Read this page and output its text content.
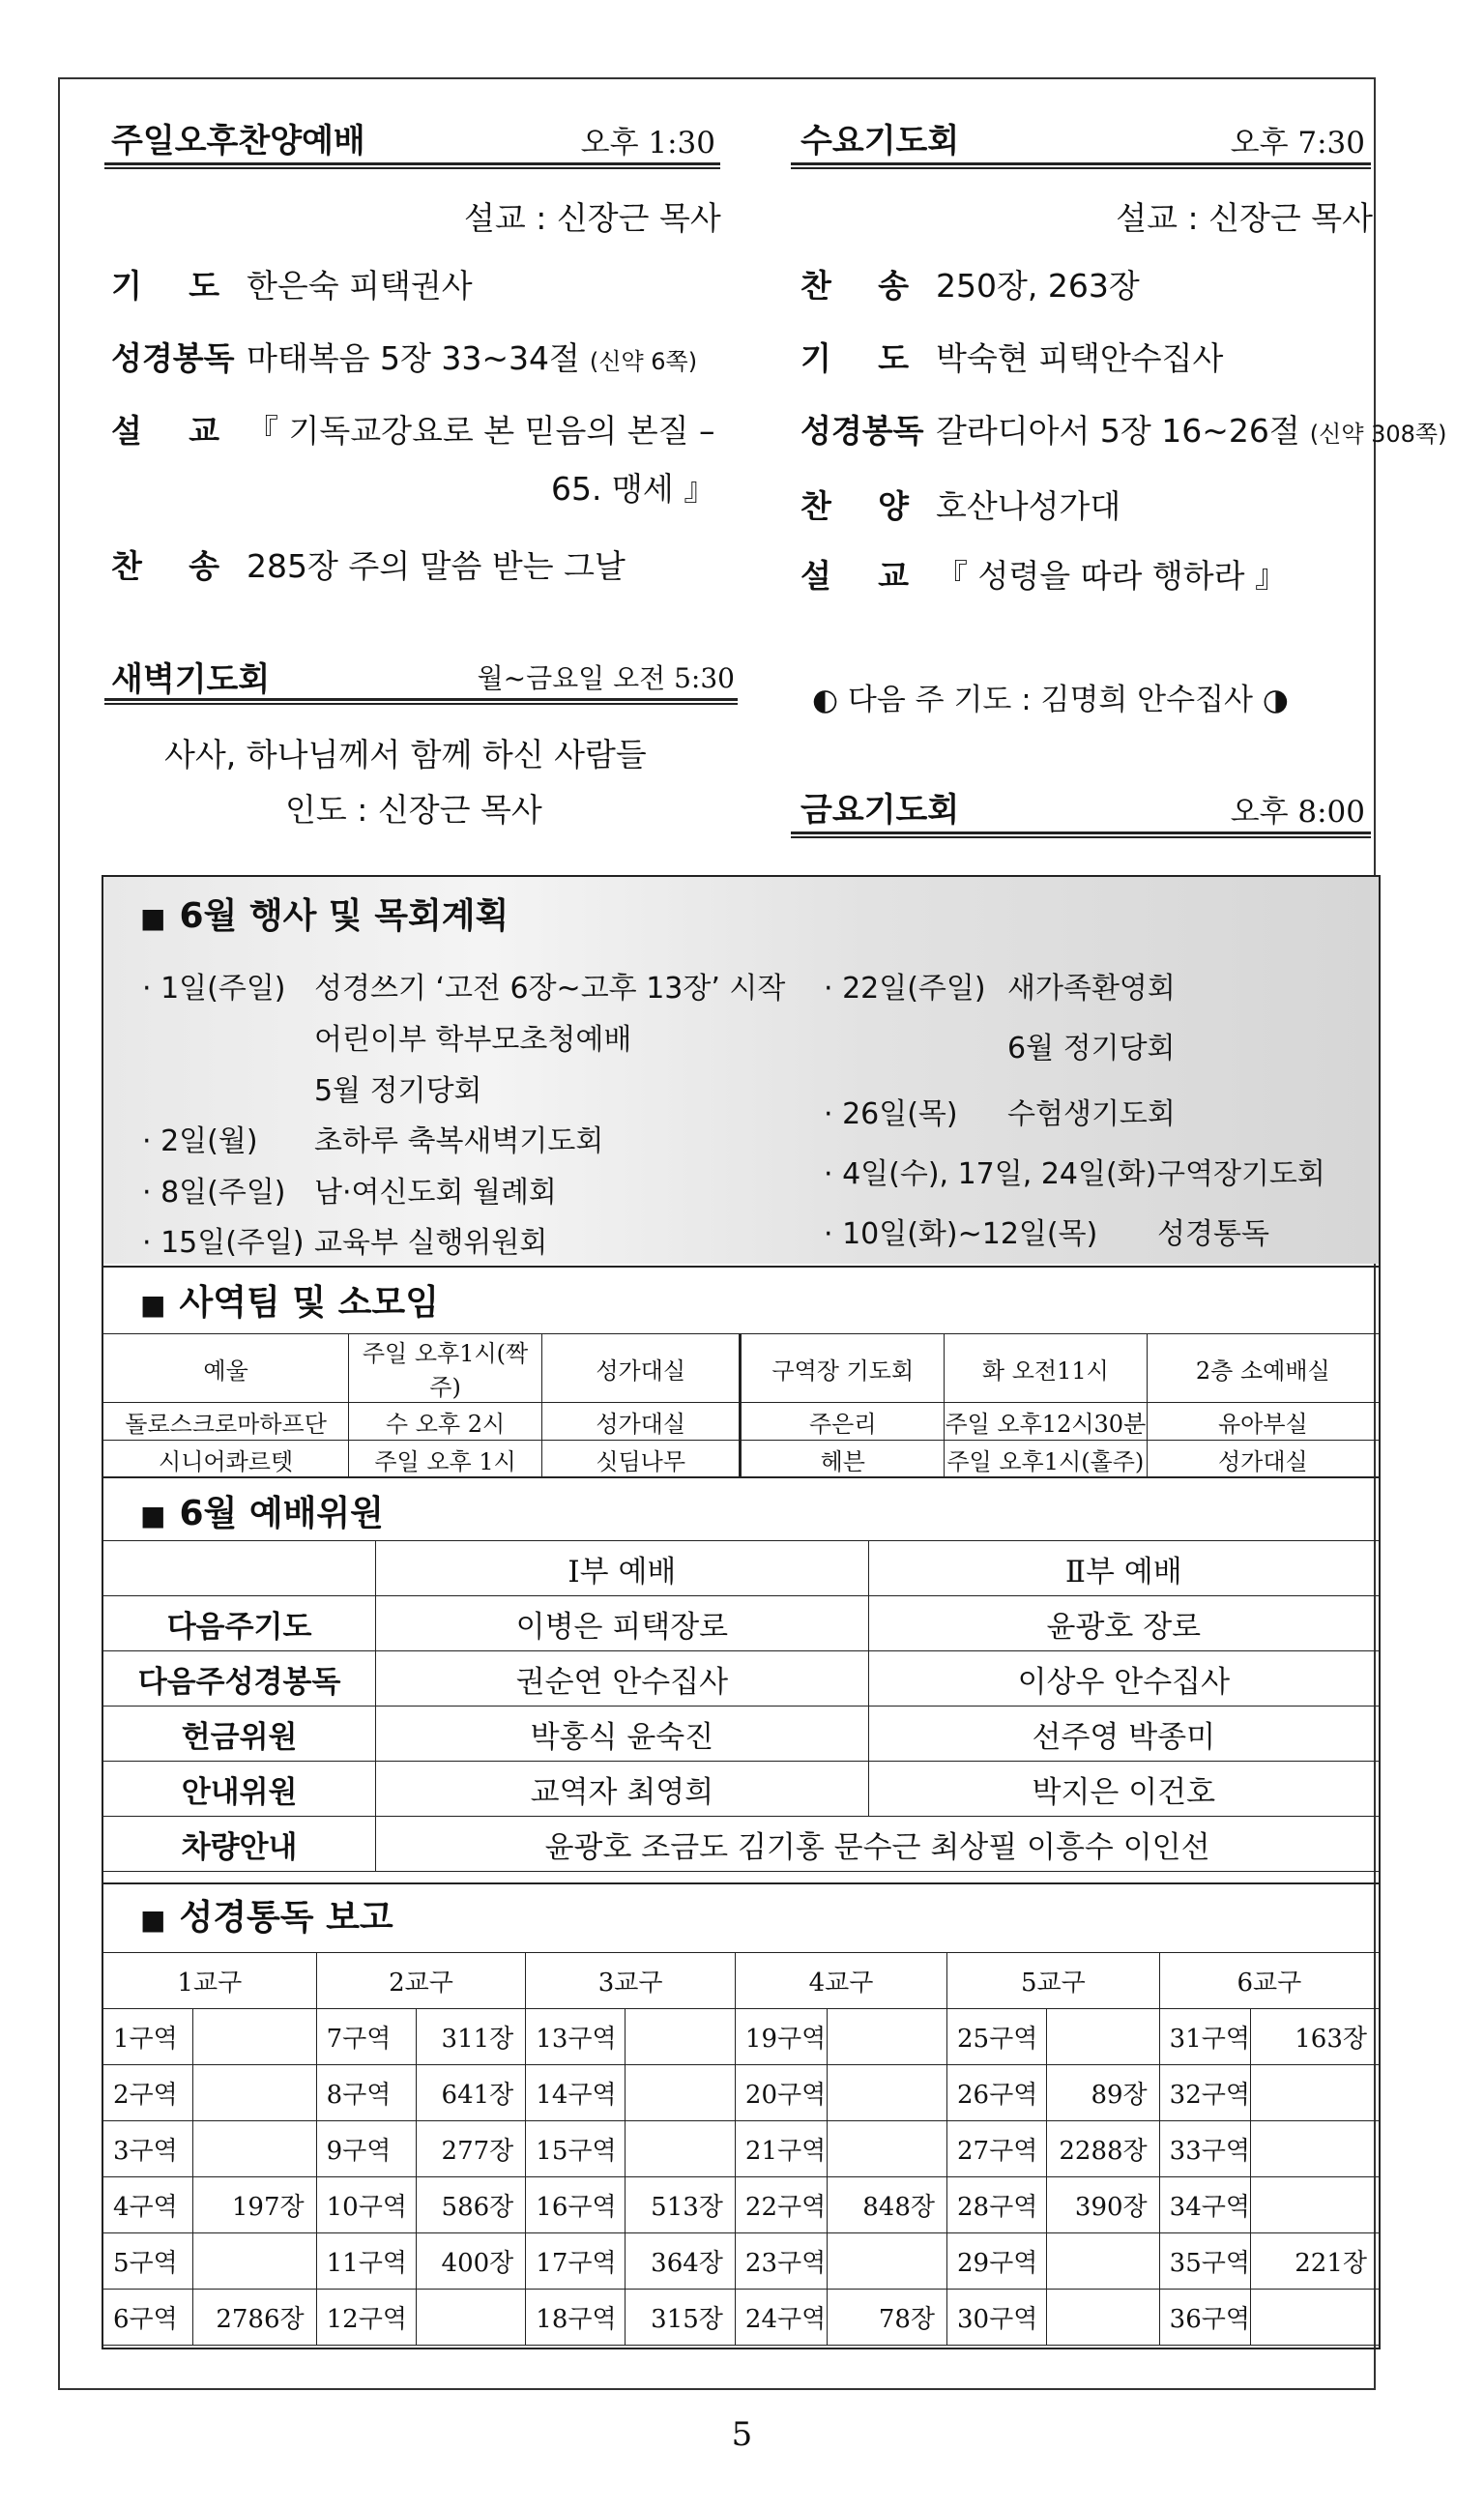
주일오후찬양예배	오후 1:30
설교 : 신장근 목사
기 도 한은숙 피택권사
성경봉독 마태복음 5장 33~34절 (신약 6쪽)
설 교 『 기독교강요로 본 믿음의 본질 –
65. 맹세 』
찬 송 285장 주의 말씀 받는 그날
수요기도회	오후 7:30
설교 : 신장근 목사
찬 송 250장, 263장
기 도 박숙현 피택안수집사
성경봉독 갈라디아서 5장 16~26절 (신약 308쪽)
찬 양 호산나성가대
설 교 『 성령을 따라 행하라 』
◐ 다음 주 기도 : 김명희 안수집사 ◑
새벽기도회	월~금요일 오전 5:30
사사, 하나님께서 함께 하신 사람들
인도 : 신장근 목사	금요기도회	오후 8:00
■ 6월 행사 및 목회계획
· 1일(주일) 성경쓰기 ‘고전 6장~고후 13장’ 시작
어린이부 학부모초청예배
5월 정기당회
· 2일(월) 초하루 축복새벽기도회
· 8일(주일) 남·여신도회 월례회
· 15일(주일) 교육부 실행위원회
· 22일(주일) 새가족환영회
6월 정기당회
· 26일(목) 수험생기도회
· 4일(수), 17일, 24일(화)구역장기도회
· 10일(화)~12일(목) 성경통독
■ 사역팀 및 소모임
예울	주일 오후1시(짝주)	성가대실	구역장 기도회	화 오전11시	2층 소예배실
돌로스크로마하프단	수 오후 2시	성가대실	주은리	주일 오후12시30분	유아부실
시니어콰르텟	주일 오후 1시	싯딤나무	헤븐	주일 오후1시(홀주)	성가대실
■ 6월 예배위원
	Ⅰ부 예배	Ⅱ부 예배
다음주기도	이병은 피택장로	윤광호 장로
다음주성경봉독	권순연 안수집사	이상우 안수집사
헌금위원	박홍식 윤숙진	선주영 박종미
안내위원	교역자 최영희	박지은 이건호
차량안내	윤광호 조금도 김기홍 문수근 최상필 이흥수 이인선	
■ 성경통독 보고
1교구		2교구		3교구		4교구		5교구		6교구	
1구역		7구역	311장	13구역		19구역		25구역		31구역	163장
2구역		8구역	641장	14구역		20구역		26구역	89장	32구역	
3구역		9구역	277장	15구역		21구역		27구역	2288장	33구역	
4구역	197장	10구역	586장	16구역	513장	22구역	848장	28구역	390장	34구역	
5구역		11구역	400장	17구역	364장	23구역		29구역		35구역	221장
6구역	2786장	12구역		18구역	315장	24구역	78장	30구역		36구역	
5
